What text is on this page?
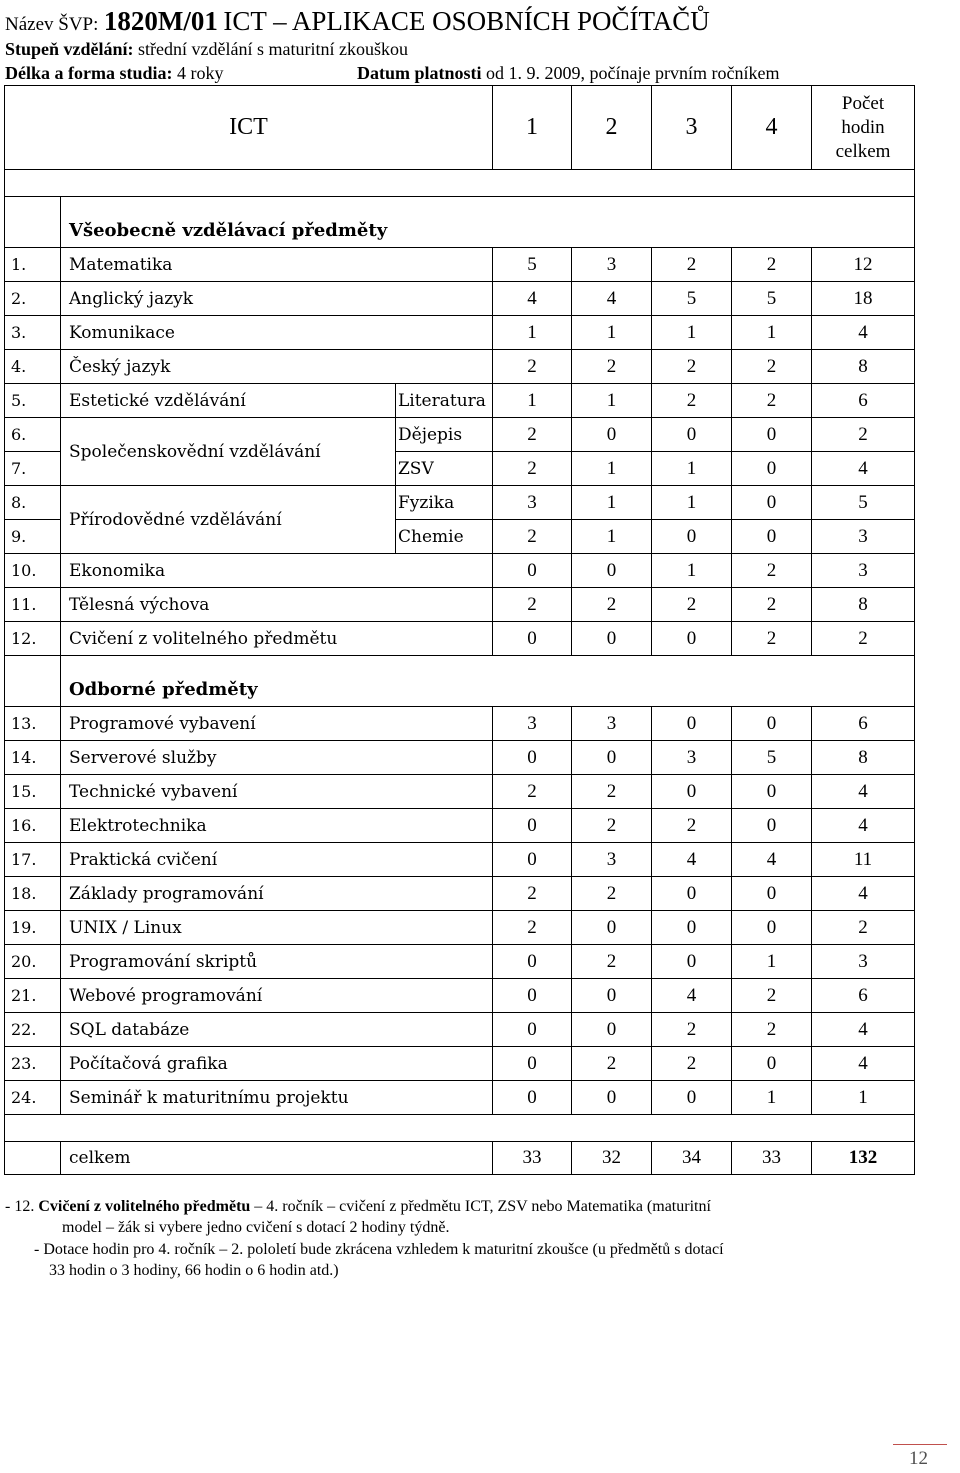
Název ŠVP: 1820M/01 ICT – APLIKACE OSOBNÍCH POČÍTAČŮ
Stupeň vzdělání: střední vzdělání s maturitní zkouškou
Délka a forma studia: 4 roky	Datum platnosti od 1. 9. 2009, počínaje prvním ročníkem
ICT			1	2	3	4	Počet
hodin
celkem

	Všeobecně vzdělávací předměty						
1.	Matematika		5	3	2	2	12
2.	Anglický jazyk		4	4	5	5	18
3.	Komunikace		1	1	1	1	4
4.	Český jazyk		2	2	2	2	8
5.	Estetické vzdělávání	Literatura	1	1	2	2	6
6.	Společenskovědní vzdělávání	Dějepis	2	0	0	0	2
7.		ZSV	2	1	1	0	4
8.	Přírodovědné vzdělávání	Fyzika	3	1	1	0	5
9.		Chemie	2	1	0	0	3
10.	Ekonomika		0	0	1	2	3
11.	Tělesná výchova		2	2	2	2	8
12.	Cvičení z volitelného předmětu		0	0	0	2	2
	Odborné předměty						
13.	Programové vybavení		3	3	0	0	6
14.	Serverové služby		0	0	3	5	8
15.	Technické vybavení		2	2	0	0	4
16.	Elektrotechnika		0	2	2	0	4
17.	Praktická cvičení		0	3	4	4	11
18.	Základy programování		2	2	0	0	4
19.	UNIX / Linux		2	0	0	0	2
20.	Programování skriptů		0	2	0	1	3
21.	Webové programování		0	0	4	2	6
22.	SQL databáze		0	0	2	2	4
23.	Počítačová grafika		0	2	2	0	4
24.	Seminář k maturitnímu projektu		0	0	0	1	1

	celkem		33	32	34	33	132
- 12. Cvičení z volitelného předmětu – 4. ročník – cvičení z předmětu ICT, ZSV nebo Matematika (maturitní
model – žák si vybere jedno cvičení s dotací 2 hodiny týdně.
- Dotace hodin pro 4. ročník – 2. pololetí bude zkrácena vzhledem k maturitní zkoušce (u předmětů s dotací
33 hodin o 3 hodiny, 66 hodin o 6 hodin atd.)
12
